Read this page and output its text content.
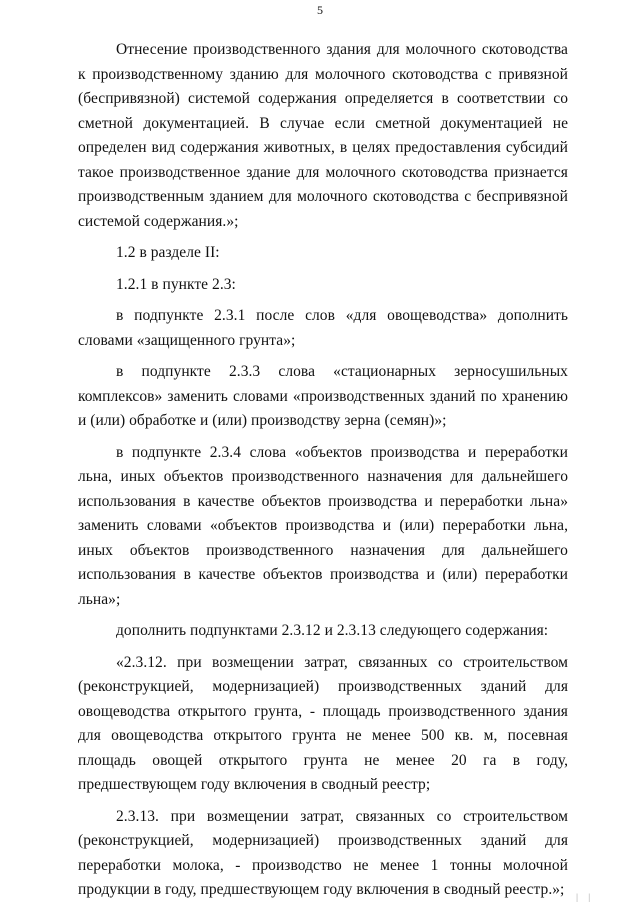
5

Отнесение производственного здания для молочного скотоводства к производственному зданию для молочного скотоводства с привязной (беспривязной) системой содержания определяется в соответствии со сметной документацией. В случае если сметной документацией не определен вид содержания животных, в целях предоставления субсидий такое производственное здание для молочного скотоводства признается производственным зданием для молочного скотоводства с беспривязной системой содержания.»;

1.2 в разделе II:

1.2.1 в пункте 2.3:

в подпункте 2.3.1 после слов «для овощеводства» дополнить словами «защищенного грунта»;

в подпункте 2.3.3 слова «стационарных зерносушильных комплексов» заменить словами «производственных зданий по хранению и (или) обработке и (или) производству зерна (семян)»;

в подпункте 2.3.4 слова «объектов производства и переработки льна, иных объектов производственного назначения для дальнейшего использования в качестве объектов производства и переработки льна» заменить словами «объектов производства и (или) переработки льна, иных объектов производственного назначения для дальнейшего использования в качестве объектов производства и (или) переработки льна»;

дополнить подпунктами 2.3.12 и 2.3.13 следующего содержания:

«2.3.12. при возмещении затрат, связанных со строительством (реконструкцией, модернизацией) производственных зданий для овощеводства открытого грунта, - площадь производственного здания для овощеводства открытого грунта не менее 500 кв. м, посевная площадь овощей открытого грунта не менее 20 га в году, предшествующем году включения в сводный реестр;

2.3.13. при возмещении затрат, связанных со строительством (реконструкцией, модернизацией) производственных зданий для переработки молока, - производство не менее 1 тонны молочной продукции в году, предшествующем году включения в сводный реестр.»;	| |
